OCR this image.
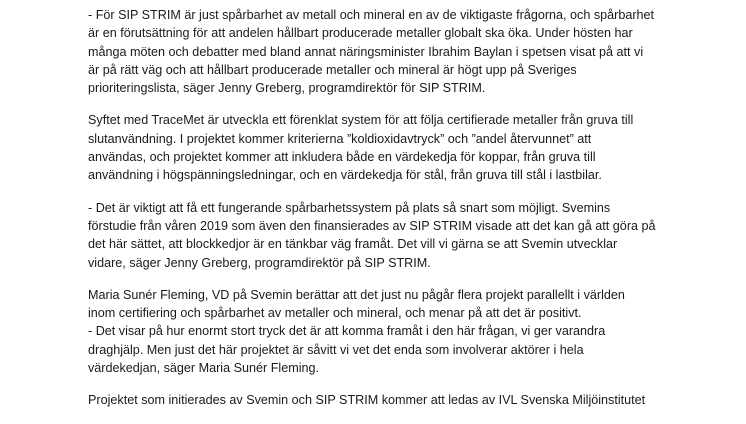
- För SIP STRIM är just spårbarhet av metall och mineral en av de viktigaste frågorna, och spårbarhet
är en förutsättning för att andelen hållbart producerade metaller globalt ska öka. Under hösten har
många möten och debatter med bland annat näringsminister Ibrahim Baylan i spetsen visat på att vi
är på rätt väg och att hållbart producerade metaller och mineral är högt upp på Sveriges
prioriteringslista, säger Jenny Greberg, programdirektör för SIP STRIM.

Syftet med TraceMet är utveckla ett förenklat system för att följa certifierade metaller från gruva till
slutanvändning. I projektet kommer kriterierna ”koldioxidavtryck” och ”andel återvunnet” att
användas, och projektet kommer att inkludera både en värdekedja för koppar, från gruva till
användning i högspänningsledningar, och en värdekedja för stål, från gruva till stål i lastbilar.

- Det är viktigt att få ett fungerande spårbarhetssystem på plats så snart som möjligt. Svemins
förstudie från våren 2019 som även den finansierades av SIP STRIM visade att det kan gå att göra på
det här sättet, att blockkedjor är en tänkbar väg framåt. Det vill vi gärna se att Svemin utvecklar
vidare, säger Jenny Greberg, programdirektör på SIP STRIM.

Maria Sunér Fleming, VD på Svemin berättar att det just nu pågår flera projekt parallellt i världen
inom certifiering och spårbarhet av metaller och mineral, och menar på att det är positivt.
- Det visar på hur enormt stort tryck det är att komma framåt i den här frågan, vi ger varandra
draghjälp. Men just det här projektet är såvitt vi vet det enda som involverar aktörer i hela
värdekedjan, säger Maria Sunér Fleming.

Projektet som initierades av Svemin och SIP STRIM kommer att ledas av IVL Svenska Miljöinstitutet
